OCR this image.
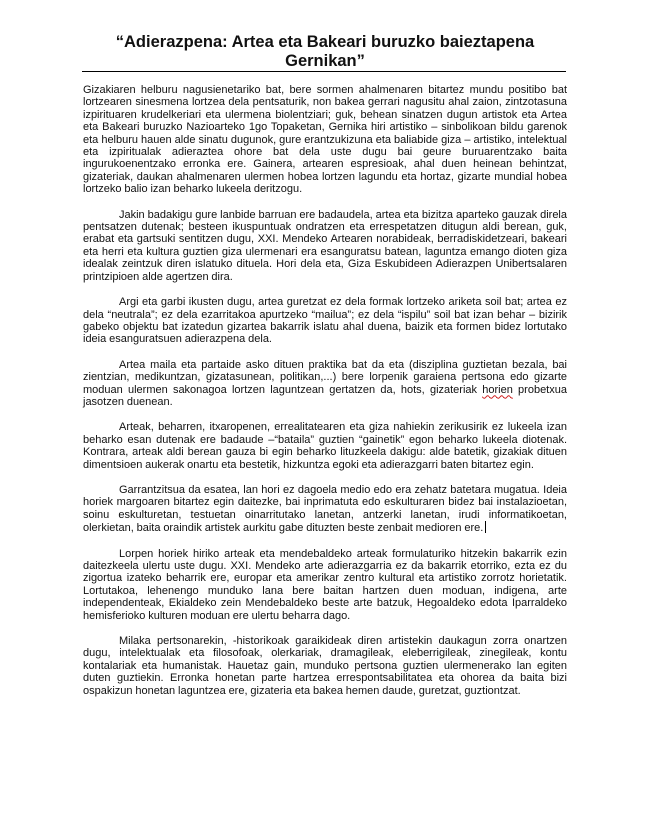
“Adierazpena: Artea eta Bakeari buruzko baieztapena
Gernikan”

Gizakiaren helburu nagusienetariko bat, bere sormen ahalmenaren bitartez mundu positibo bat lortzearen sinesmena lortzea dela pentsaturik, non bakea gerrari nagusitu ahal zaion, zintzotasuna izpirituaren krudelkeriari eta ulermena biolentziari; guk, behean sinatzen dugun artistok eta Artea eta Bakeari buruzko Nazioarteko 1go Topaketan, Gernika hiri artistiko – sinbolikoan bildu garenok eta helburu hauen alde sinatu dugunok, gure erantzukizuna eta baliabide giza – artistiko, intelektual eta izpiritualak adieraztea ohore bat dela uste dugu bai geure buruarentzako baita ingurukoenentzako erronka ere. Gainera, artearen espresioak, ahal duen heinean behintzat, gizateriak, daukan ahalmenaren ulermen hobea lortzen lagundu eta hortaz, gizarte mundial hobea lortzeko balio izan beharko lukeela deritzogu.

Jakin badakigu gure lanbide barruan ere badaudela, artea eta bizitza aparteko gauzak direla pentsatzen dutenak; besteen ikuspuntuak ondratzen eta errespetatzen ditugun aldi berean, guk, erabat eta gartsuki sentitzen dugu, XXI. Mendeko Artearen norabideak, berradiskidetzeari, bakeari eta herri eta kultura guztien giza ulermenari era esanguratsu batean, laguntza emango dioten giza idealak zeintzuk diren islatuko dituela. Hori dela eta, Giza Eskubideen Adierazpen Unibertsalaren printzipioen alde agertzen dira.

Argi eta garbi ikusten dugu, artea guretzat ez dela formak lortzeko ariketa soil bat; artea ez dela “neutrala”; ez dela ezarritakoa apurtzeko “mailua”; ez dela “ispilu” soil bat izan behar – bizirik gabeko objektu bat izatedun gizartea bakarrik islatu ahal duena, baizik eta formen bidez lortutako ideia esanguratsuen adierazpena dela.

Artea maila eta partaide asko dituen praktika bat da eta (disziplina guztietan bezala, bai zientzian, medikuntzan, gizatasunean, politikan,...) bere lorpenik garaiena pertsona edo gizarte moduan ulermen sakonagoa lortzen laguntzean gertatzen da, hots, gizateriak horien probetxua jasotzen duenean.

Arteak, beharren, itxaropenen, errealitatearen eta giza nahiekin zerikusirik ez lukeela izan beharko esan dutenak ere badaude –“bataila” guztien “gainetik” egon beharko lukeela diotenak. Kontrara, arteak aldi berean gauza bi egin beharko lituzkeela dakigu: alde batetik, gizakiak dituen dimentsioen aukerak onartu eta bestetik, hizkuntza egoki eta adierazgarri baten bitartez egin.

Garrantzitsua da esatea, lan hori ez dagoela medio edo era zehatz batetara mugatua. Ideia horiek margoaren bitartez egin daitezke, bai inprimatuta edo eskulturaren bidez bai instalazioetan, soinu eskulturetan, testuetan oinarritutako lanetan, antzerki lanetan, irudi informatikoetan, olerkietan, baita oraindik artistek aurkitu gabe dituzten beste zenbait medioren ere.

Lorpen horiek hiriko arteak eta mendebaldeko arteak formulaturiko hitzekin bakarrik ezin daitezkeela ulertu uste dugu. XXI. Mendeko arte adierazgarria ez da bakarrik etorriko, ezta ez du zigortua izateko beharrik ere, europar eta amerikar zentro kultural eta artistiko zorrotz horietatik. Lortutakoa, lehenengo munduko lana bere baitan hartzen duen moduan, indigena, arte independenteak, Ekialdeko zein Mendebaldeko beste arte batzuk, Hegoaldeko edota Iparraldeko hemisferioko kulturen moduan ere ulertu beharra dago.

Milaka pertsonarekin, -historikoak garaikideak diren artistekin daukagun zorra onartzen dugu, intelektualak eta filosofoak, olerkariak, dramagileak, eleberrigileak, zinegileak, kontu kontalariak eta humanistak. Hauetaz gain, munduko pertsona guztien ulermenerako lan egiten duten guztiekin. Erronka honetan parte hartzea errespontsabilitatea eta ohorea da baita bizi ospakizun honetan laguntzea ere, gizateria eta bakea hemen daude, guretzat, guztiontzat.
